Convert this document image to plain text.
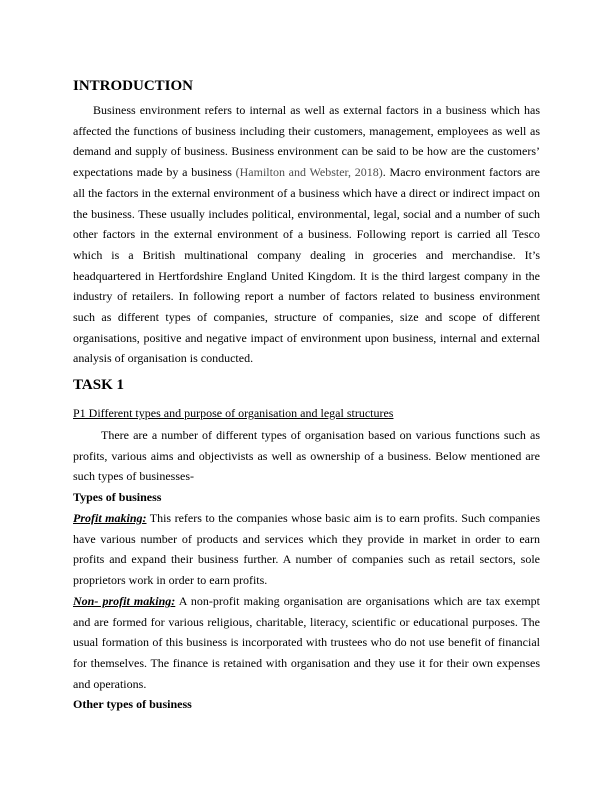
INTRODUCTION

Business environment refers to internal as well as external factors in a business which has affected the functions of business including their customers, management, employees as well as demand and supply of business. Business environment can be said to be how are the customers’ expectations made by a business (Hamilton and Webster, 2018). Macro environment factors are all the factors in the external environment of a business which have a direct or indirect impact on the business. These usually includes political, environmental, legal, social and a number of such other factors in the external environment of a business. Following report is carried all Tesco which is a British multinational company dealing in groceries and merchandise. It’s headquartered in Hertfordshire England United Kingdom. It is the third largest company in the industry of retailers. In following report a number of factors related to business environment such as different types of companies, structure of companies, size and scope of different organisations, positive and negative impact of environment upon business, internal and external analysis of organisation is conducted.

TASK 1

P1 Different types and purpose of organisation and legal structures

There are a number of different types of organisation based on various functions such as profits, various aims and objectivists as well as ownership of a business. Below mentioned are such types of businesses-

Types of business

Profit making: This refers to the companies whose basic aim is to earn profits. Such companies have various number of products and services which they provide in market in order to earn profits and expand their business further. A number of companies such as retail sectors, sole proprietors work in order to earn profits.

Non- profit making: A non-profit making organisation are organisations which are tax exempt and are formed for various religious, charitable, literacy, scientific or educational purposes. The usual formation of this business is incorporated with trustees who do not use benefit of financial for themselves. The finance is retained with organisation and they use it for their own expenses and operations.

Other types of business
